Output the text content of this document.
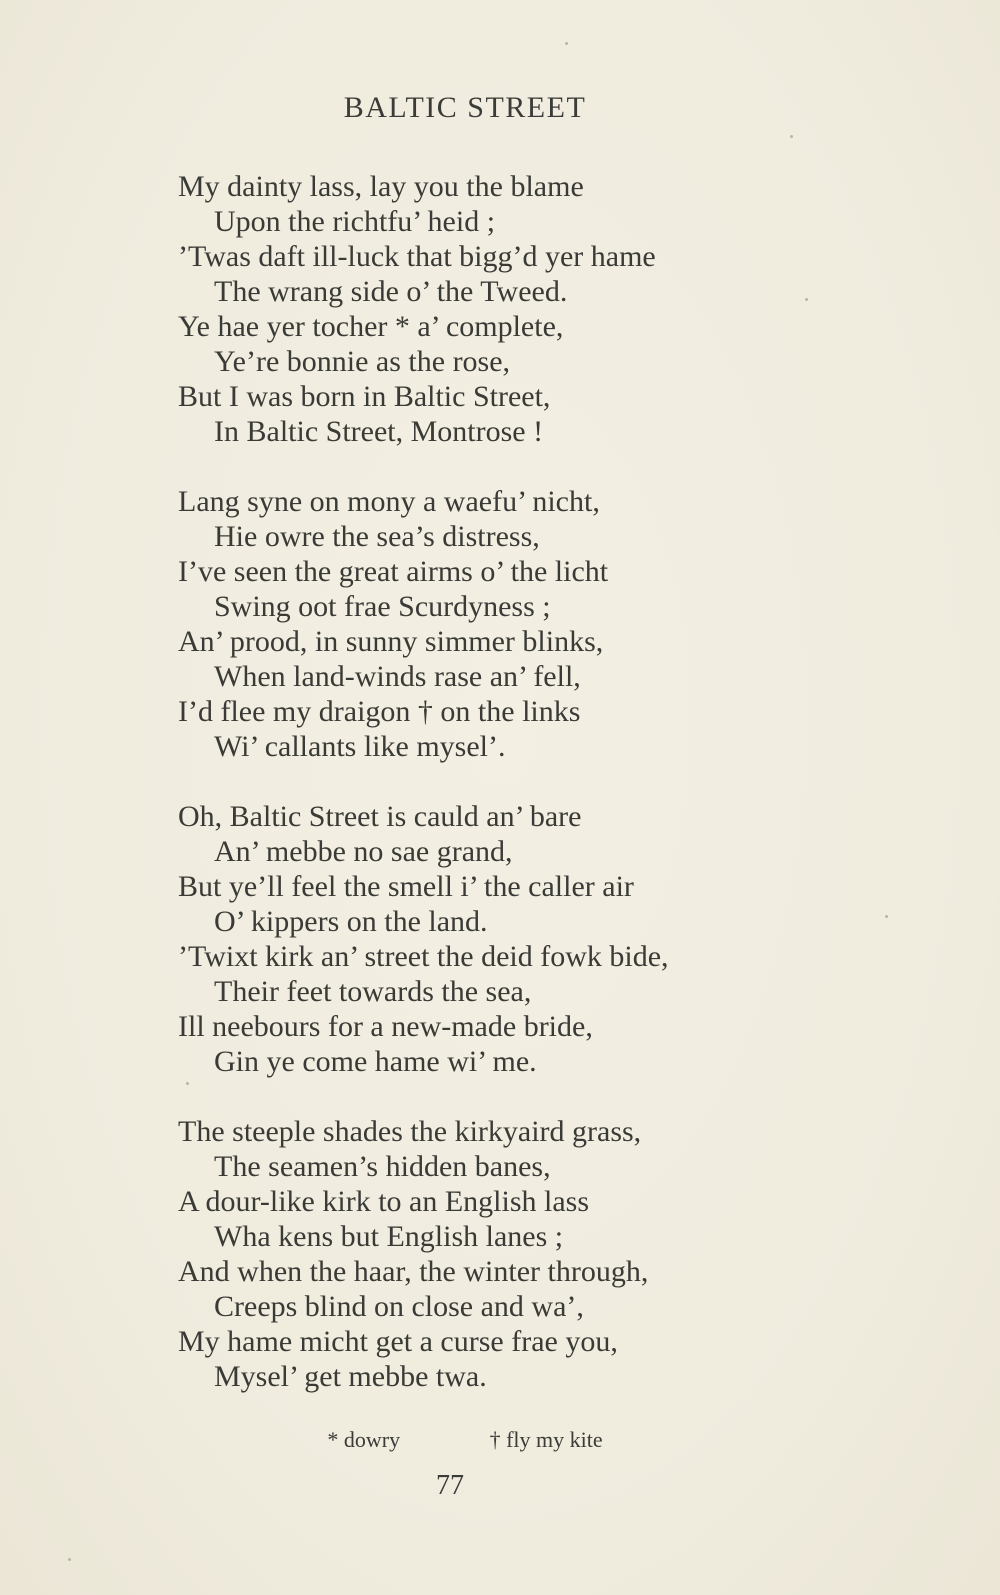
BALTIC STREET
My dainty lass, lay you the blame
Upon the richtfu’ heid ;
’Twas daft ill-luck that bigg’d yer hame
The wrang side o’ the Tweed.
Ye hae yer tocher * a’ complete,
Ye’re bonnie as the rose,
But I was born in Baltic Street,
In Baltic Street, Montrose !
Lang syne on mony a waefu’ nicht,
Hie owre the sea’s distress,
I’ve seen the great airms o’ the licht
Swing oot frae Scurdyness ;
An’ prood, in sunny simmer blinks,
When land-winds rase an’ fell,
I’d flee my draigon † on the links
Wi’ callants like mysel’.
Oh, Baltic Street is cauld an’ bare
An’ mebbe no sae grand,
But ye’ll feel the smell i’ the caller air
O’ kippers on the land.
’Twixt kirk an’ street the deid fowk bide,
Their feet towards the sea,
Ill neebours for a new-made bride,
Gin ye come hame wi’ me.
The steeple shades the kirkyaird grass,
The seamen’s hidden banes,
A dour-like kirk to an English lass
Wha kens but English lanes ;
And when the haar, the winter through,
Creeps blind on close and wa’,
My hame micht get a curse frae you,
Mysel’ get mebbe twa.
* dowry	† fly my kite
77
